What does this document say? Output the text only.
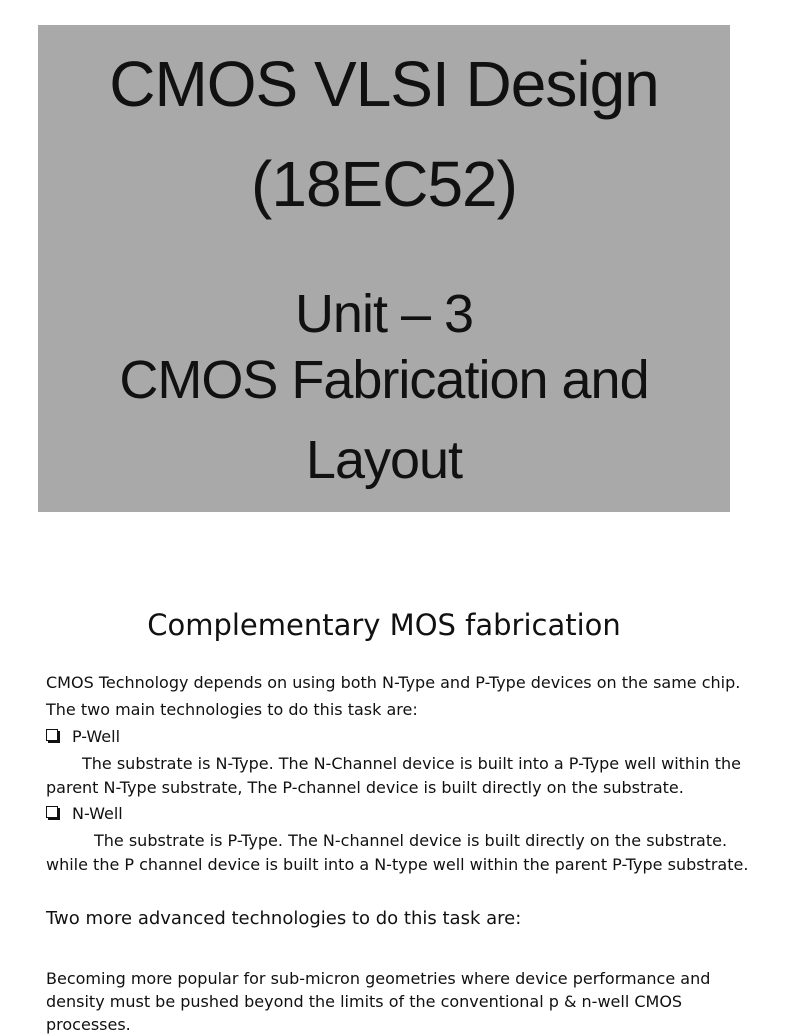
CMOS VLSI Design
(18EC52)
Unit – 3
CMOS Fabrication and
Layout
Complementary MOS fabrication
CMOS Technology depends on using both N-Type and P-Type devices on the same chip.
The two main technologies to do this task are:
P-Well
The substrate is N-Type. The N-Channel device is built into a P-Type well within the
parent N-Type substrate, The P-channel device is built directly on the substrate.
N-Well
The substrate is P-Type. The N-channel device is built directly on the substrate.
while the P channel device is built into a N-type well within the parent P-Type substrate.
Two more advanced technologies to do this task are:
Becoming more popular for sub-micron geometries where device performance and
density must be pushed beyond the limits of the conventional p & n-well CMOS
processes.
